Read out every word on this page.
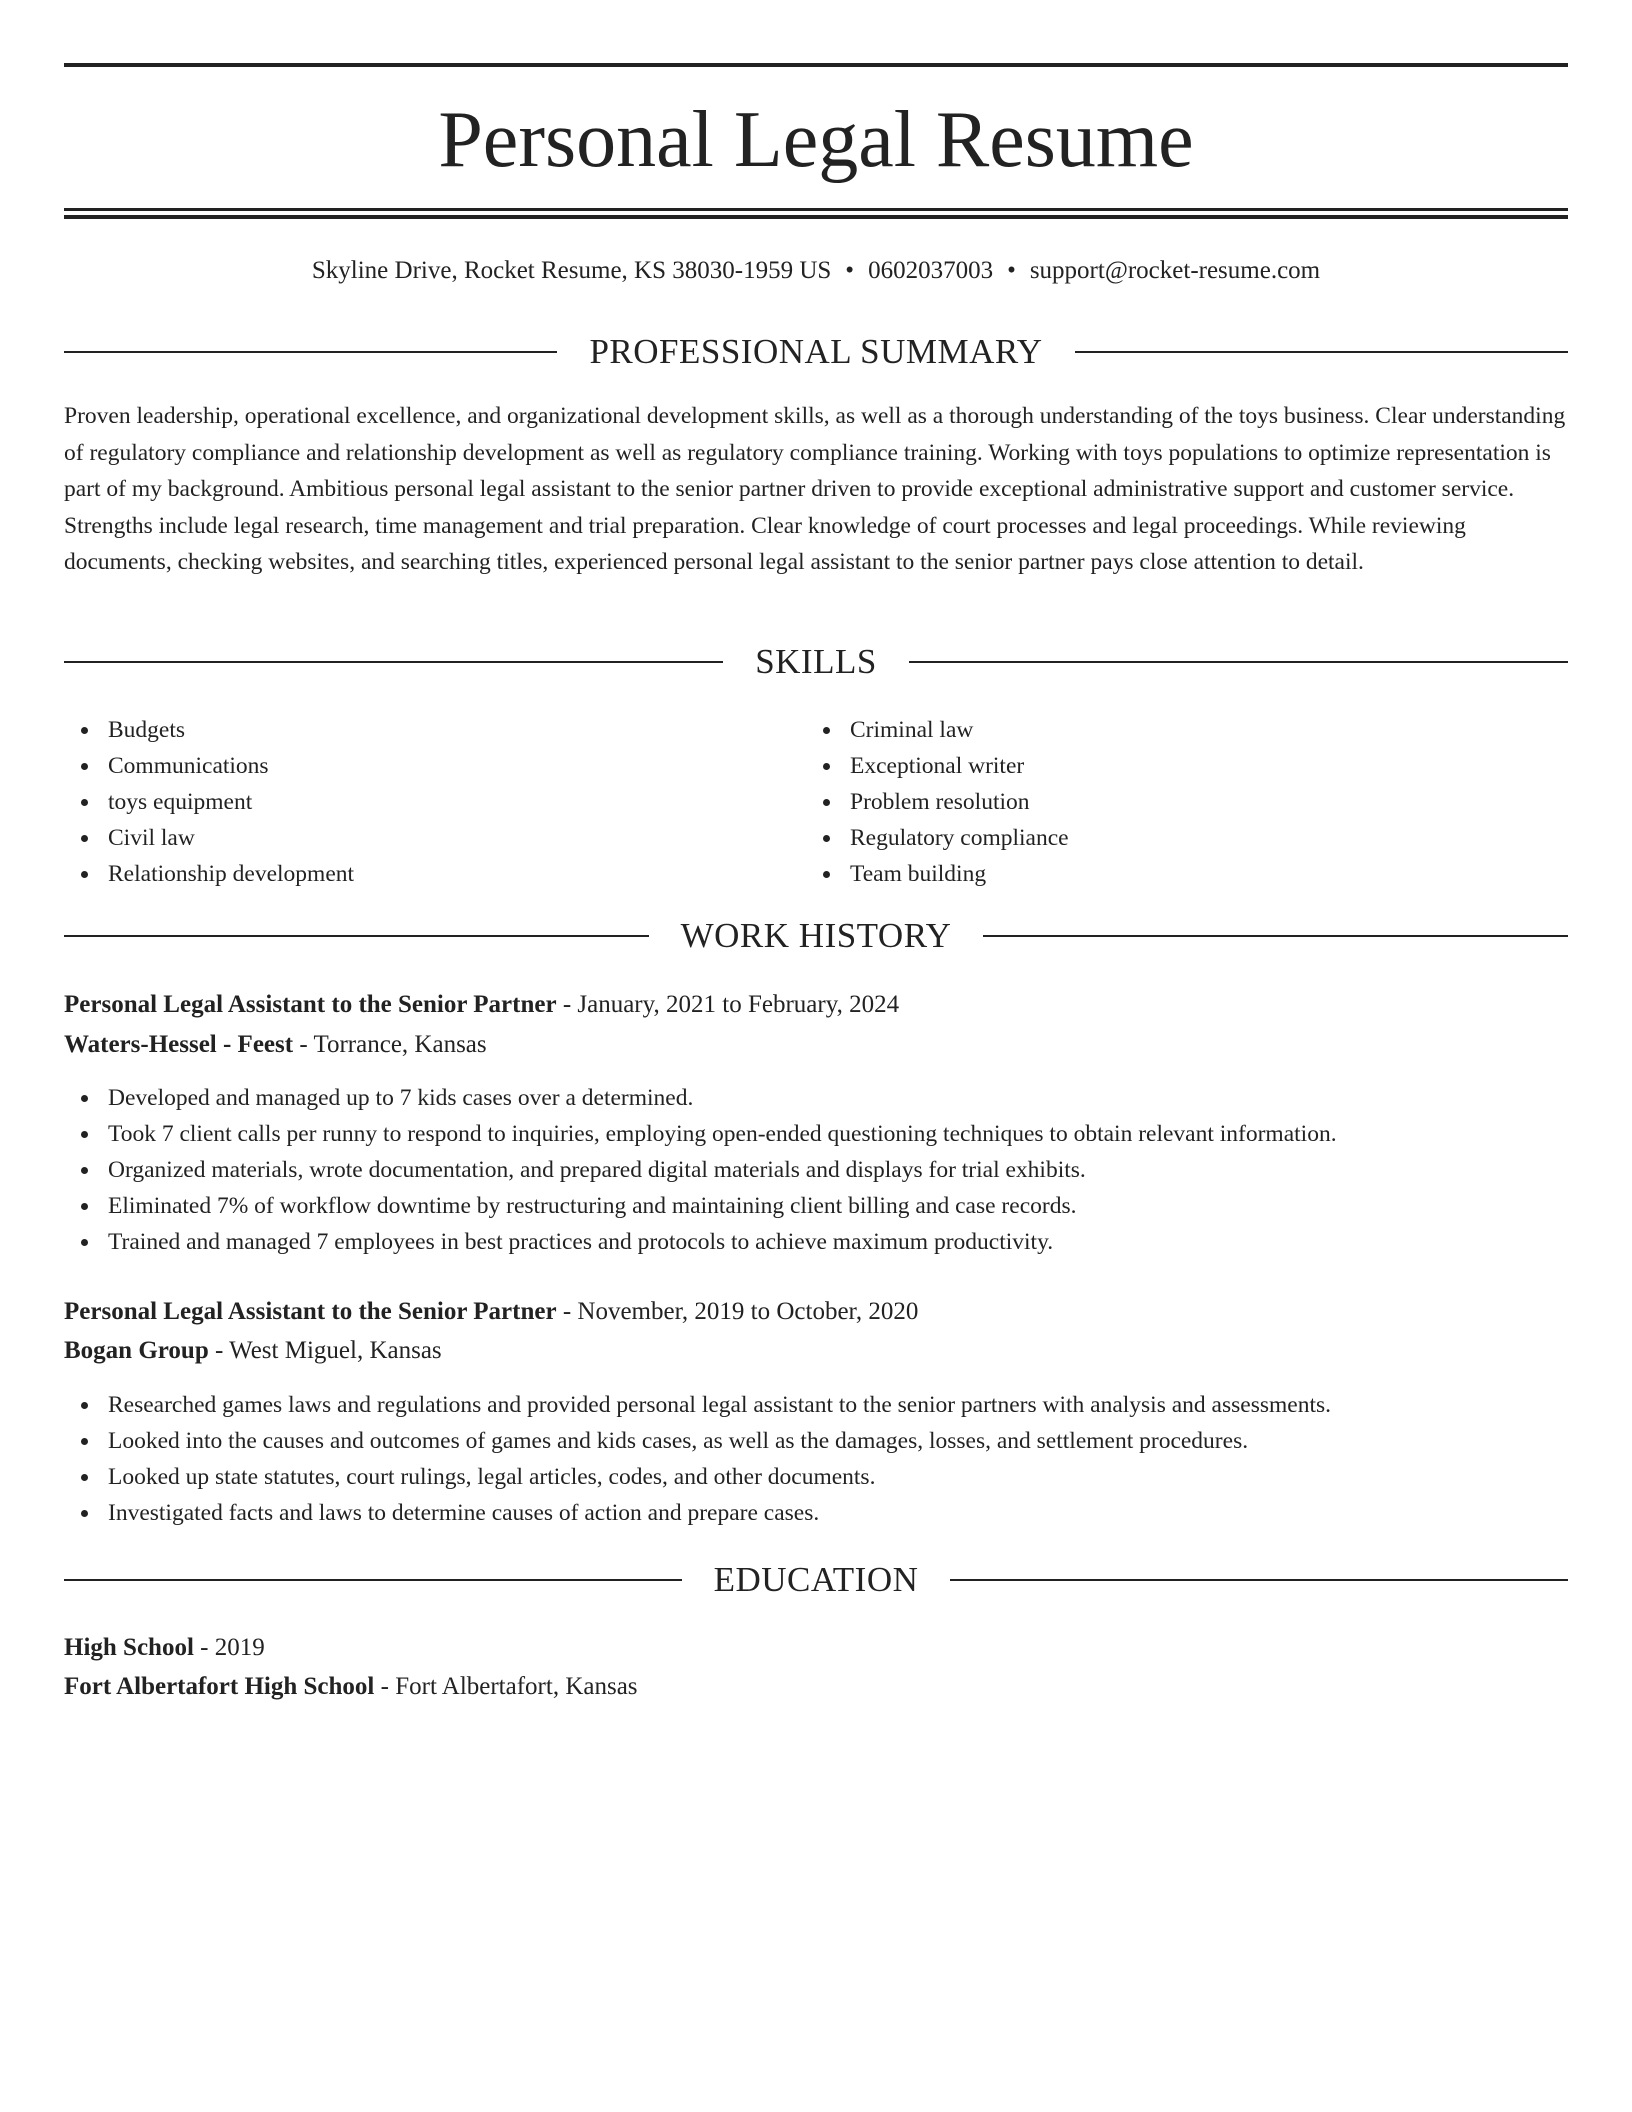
Personal Legal Resume
Skyline Drive, Rocket Resume, KS 38030-1959 US • 0602037003 • support@rocket-resume.com
PROFESSIONAL SUMMARY

Proven leadership, operational excellence, and organizational development skills, as well as a thorough understanding of the toys business. Clear understanding of regulatory compliance and relationship development as well as regulatory compliance training. Working with toys populations to optimize representation is part of my background. Ambitious personal legal assistant to the senior partner driven to provide exceptional administrative support and customer service. Strengths include legal research, time management and trial preparation. Clear knowledge of court processes and legal proceedings. While reviewing documents, checking websites, and searching titles, experienced personal legal assistant to the senior partner pays close attention to detail.

SKILLS
Budgets
Communications
toys equipment
Civil law
Relationship development
Criminal law
Exceptional writer
Problem resolution
Regulatory compliance
Team building
WORK HISTORY
Personal Legal Assistant to the Senior Partner - January, 2021 to February, 2024
Waters-Hessel - Feest - Torrance, Kansas
Developed and managed up to 7 kids cases over a determined.
Took 7 client calls per runny to respond to inquiries, employing open-ended questioning techniques to obtain relevant information.
Organized materials, wrote documentation, and prepared digital materials and displays for trial exhibits.
Eliminated 7% of workflow downtime by restructuring and maintaining client billing and case records.
Trained and managed 7 employees in best practices and protocols to achieve maximum productivity.
Personal Legal Assistant to the Senior Partner - November, 2019 to October, 2020
Bogan Group - West Miguel, Kansas
Researched games laws and regulations and provided personal legal assistant to the senior partners with analysis and assessments.
Looked into the causes and outcomes of games and kids cases, as well as the damages, losses, and settlement procedures.
Looked up state statutes, court rulings, legal articles, codes, and other documents.
Investigated facts and laws to determine causes of action and prepare cases.
EDUCATION
High School - 2019
Fort Albertafort High School - Fort Albertafort, Kansas
